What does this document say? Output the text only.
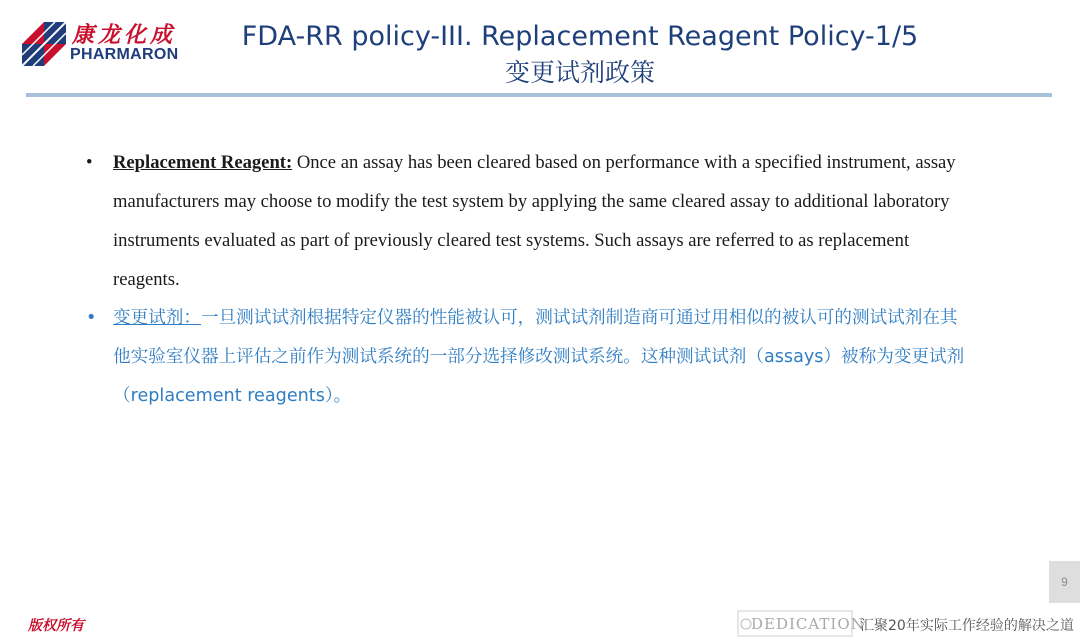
康龙化成
PHARMARON
FDA-RR policy-III. Replacement Reagent Policy-1/5
变更试剂政策

• Replacement Reagent: Once an assay has been cleared based on performance with a specified instrument, assay manufacturers may choose to modify the test system by applying the same cleared assay to additional laboratory instruments evaluated as part of previously cleared test systems. Such assays are referred to as replacement reagents.

• 变更试剂：一旦测试试剂根据特定仪器的性能被认可，测试试剂制造商可通过用相似的被认可的测试试剂在其他实验室仪器上评估之前作为测试系统的一部分选择修改测试系统。这种测试试剂（assays）被称为变更试剂（replacement reagents）。

9
版权所有	DEDICATION
汇聚20年实际工作经验的解决之道
